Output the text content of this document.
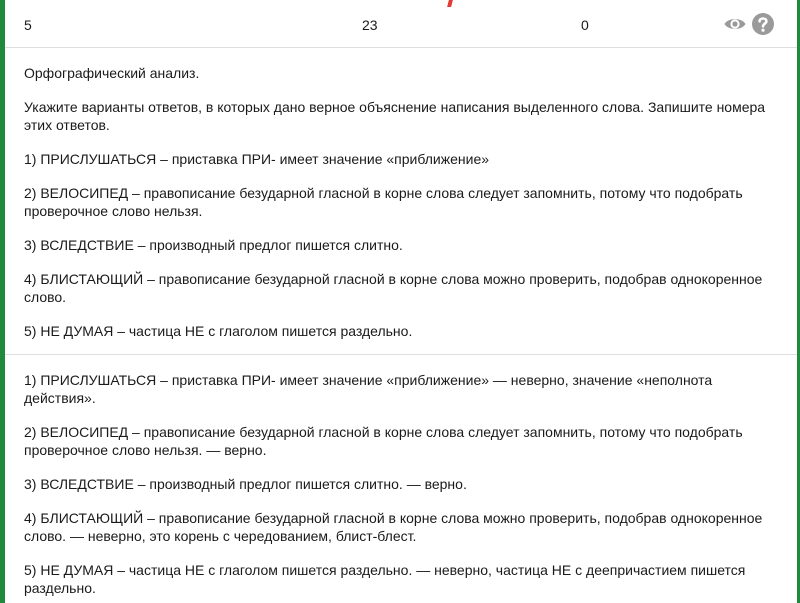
5	23	0

Орфографический анализ.

Укажите варианты ответов, в которых дано верное объяснение написания выделенного слова. Запишите номера этих ответов.

1) ПРИСЛУШАТЬСЯ – приставка ПРИ- имеет значение «приближение»

2) ВЕЛОСИПЕД – правописание безударной гласной в корне слова следует запомнить, потому что подобрать проверочное слово нельзя.

3) ВСЛЕДСТВИЕ – производный предлог пишется слитно.

4) БЛИСТАЮЩИЙ – правописание безударной гласной в корне слова можно проверить, подобрав однокоренное слово.

5) НЕ ДУМАЯ – частица НЕ с глаголом пишется раздельно.

1) ПРИСЛУШАТЬСЯ – приставка ПРИ- имеет значение «приближение» — неверно, значение «неполнота действия».

2) ВЕЛОСИПЕД – правописание безударной гласной в корне слова следует запомнить, потому что подобрать проверочное слово нельзя. — верно.

3) ВСЛЕДСТВИЕ – производный предлог пишется слитно. — верно.

4) БЛИСТАЮЩИЙ – правописание безударной гласной в корне слова можно проверить, подобрав однокоренное слово. — неверно, это корень с чередованием, блист-блест.

5) НЕ ДУМАЯ – частица НЕ с глаголом пишется раздельно. — неверно, частица НЕ с деепричастием пишется раздельно.
